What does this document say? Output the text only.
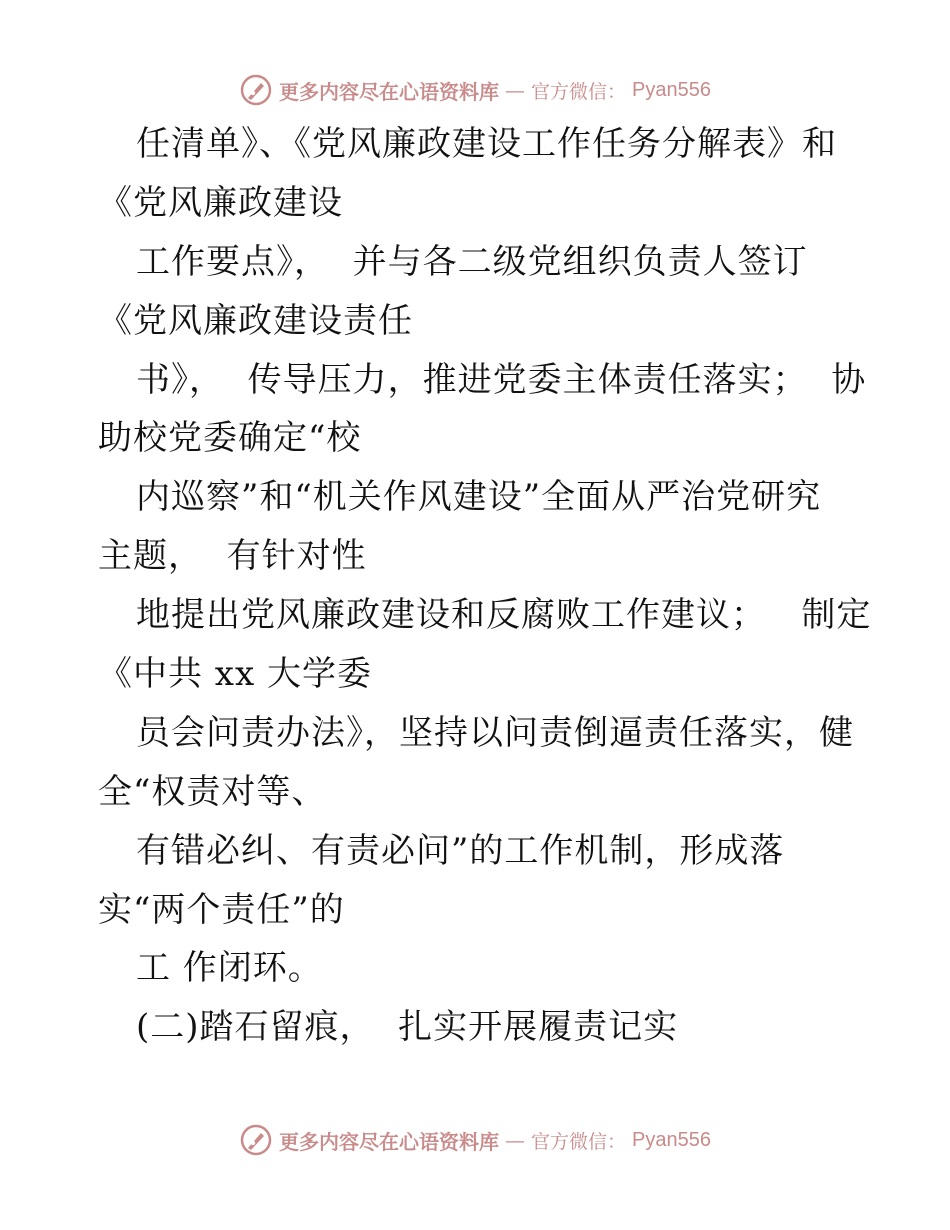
更多内容尽在心语资料库 — 官方微信： Pyan556
任清单》、《党风廉政建设工作任务分解表》和
《党风廉政建设
工作要点》，  并与各二级党组织负责人签订
《党风廉政建设责任
书》，  传导压力，推进党委主体责任落实；  协
助校党委确定“校
内巡察”和“机关作风建设”全面从严治党研究
主题，  有针对性
地提出党风廉政建设和反腐败工作建议；   制定
《中共 xx 大学委
员会问责办法》，坚持以问责倒逼责任落实，健
全“权责对等、
有错必纠、有责必问”的工作机制，形成落
实“两个责任”的
工 作闭环。
(二)踏石留痕，  扎实开展履责记实
更多内容尽在心语资料库 — 官方微信： Pyan556
